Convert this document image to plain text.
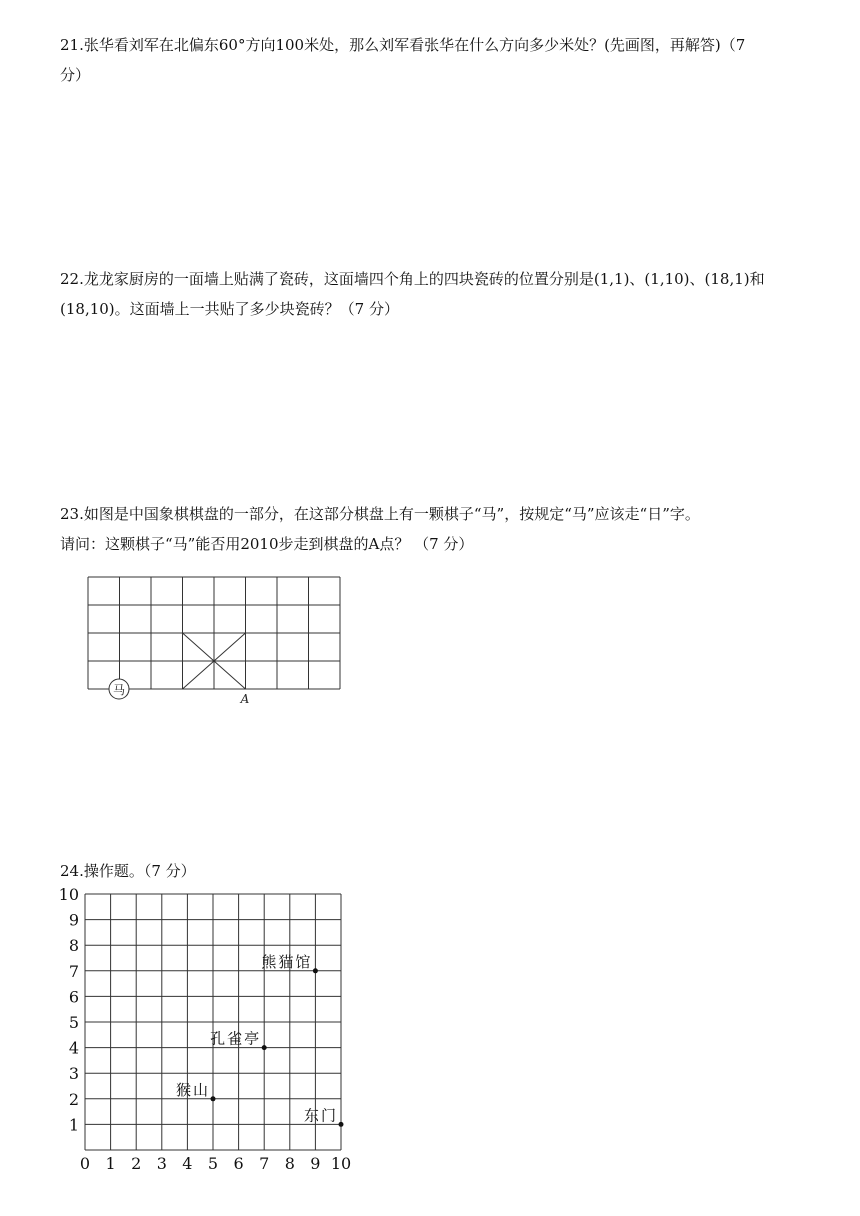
21.张华看刘军在北偏东60°方向100米处，那么刘军看张华在什么方向多少米处？(先画图，再解答)（7

分）

22.龙龙家厨房的一面墙上贴满了瓷砖，这面墙四个角上的四块瓷砖的位置分别是(1,1)、(1,10)、(18,1)和

(18,10)。这面墙上一共贴了多少块瓷砖？（7 分）

23.如图是中国象棋棋盘的一部分，在这部分棋盘上有一颗棋子“马”，按规定“马”应该走“日”字。

请问：这颗棋子“马”能否用2010步走到棋盘的A点？ （7 分）

马
A

24.操作题。（7 分）

0 1 2 3 4 5 6 7 8 9 10
1
2
3
4
5
6
7
8
9
10
熊猫馆
孔雀亭
猴山
东门
